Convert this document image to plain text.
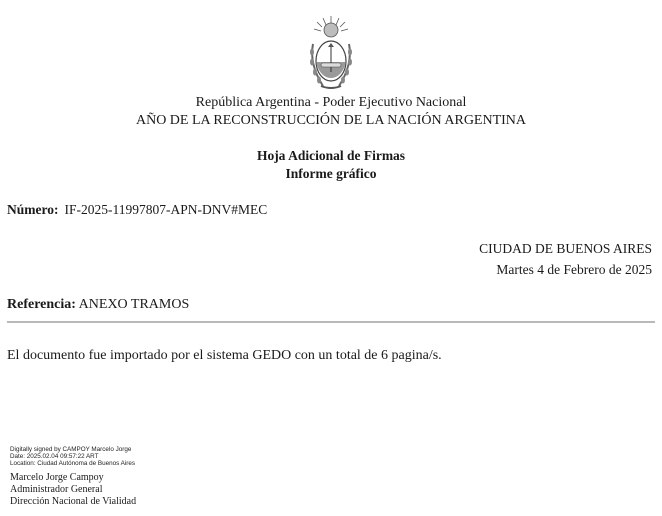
República Argentina - Poder Ejecutivo Nacional
AÑO DE LA RECONSTRUCCIÓN DE LA NACIÓN ARGENTINA
Hoja Adicional de Firmas
Informe gráfico
Número: IF-2025-11997807-APN-DNV#MEC
CIUDAD DE BUENOS AIRES
Martes 4 de Febrero de 2025
Referencia: ANEXO TRAMOS
El documento fue importado por el sistema GEDO con un total de 6 pagina/s.
Digitally signed by CAMPOY Marcelo Jorge
Date: 2025.02.04 09:57:22 ART
Location: Ciudad Autónoma de Buenos Aires
Marcelo Jorge Campoy
Administrador General
Dirección Nacional de Vialidad
